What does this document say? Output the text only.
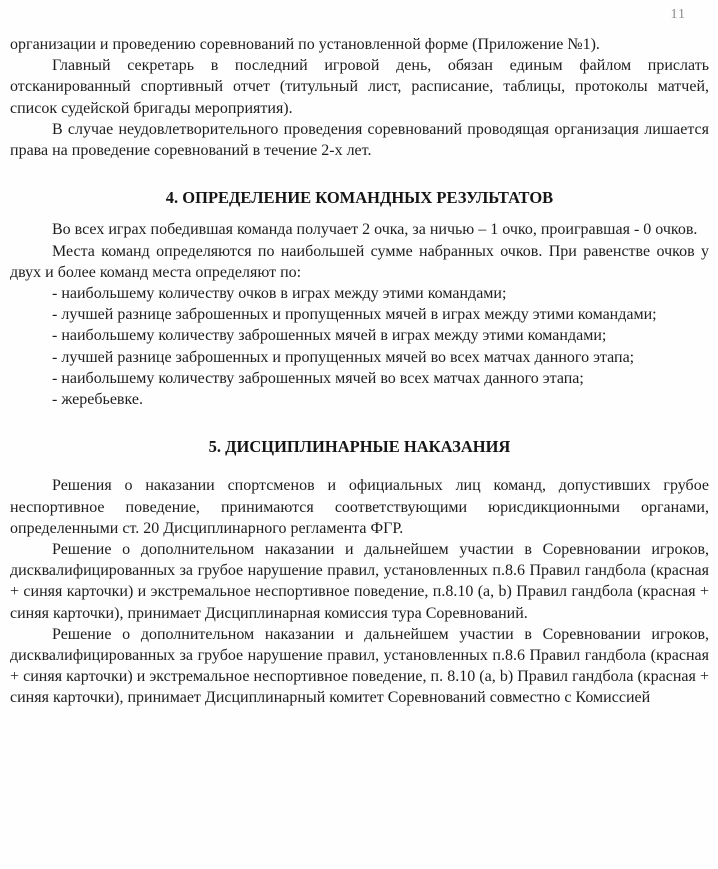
11

организации и проведению соревнований по установленной форме (Приложение №1).

Главный секретарь в последний игровой день, обязан единым файлом прислать отсканированный спортивный отчет (титульный лист, расписание, таблицы, протоколы матчей, список судейской бригады мероприятия).

В случае неудовлетворительного проведения соревнований проводящая организация лишается права на проведение соревнований в течение 2-х лет.

4. ОПРЕДЕЛЕНИЕ КОМАНДНЫХ РЕЗУЛЬТАТОВ

Во всех играх победившая команда получает 2 очка, за ничью – 1 очко, проигравшая - 0 очков.

Места команд определяются по наибольшей сумме набранных очков. При равенстве очков у двух и более команд места определяют по:

- наибольшему количеству очков в играх между этими командами;

- лучшей разнице заброшенных и пропущенных мячей в играх между этими командами;

- наибольшему количеству заброшенных мячей в играх между этими командами;

- лучшей разнице заброшенных и пропущенных мячей во всех матчах данного этапа;

- наибольшему количеству заброшенных мячей во всех матчах данного этапа;

- жеребьевке.

5. ДИСЦИПЛИНАРНЫЕ НАКАЗАНИЯ

Решения о наказании спортсменов и официальных лиц команд, допустивших грубое неспортивное поведение, принимаются соответствующими юрисдикционными органами, определенными ст. 20 Дисциплинарного регламента ФГР.

Решение о дополнительном наказании и дальнейшем участии в Соревновании игроков, дисквалифицированных за грубое нарушение правил, установленных п.8.6 Правил гандбола (красная + синяя карточки) и экстремальное неспортивное поведение, п.8.10 (a, b) Правил гандбола (красная + синяя карточки), принимает Дисциплинарная комиссия тура Соревнований.

Решение о дополнительном наказании и дальнейшем участии в Соревновании игроков, дисквалифицированных за грубое нарушение правил, установленных п.8.6 Правил гандбола (красная + синяя карточки) и экстремальное неспортивное поведение, п. 8.10 (a, b) Правил гандбола (красная + синяя карточки), принимает Дисциплинарный комитет Соревнований совместно с Комиссией
